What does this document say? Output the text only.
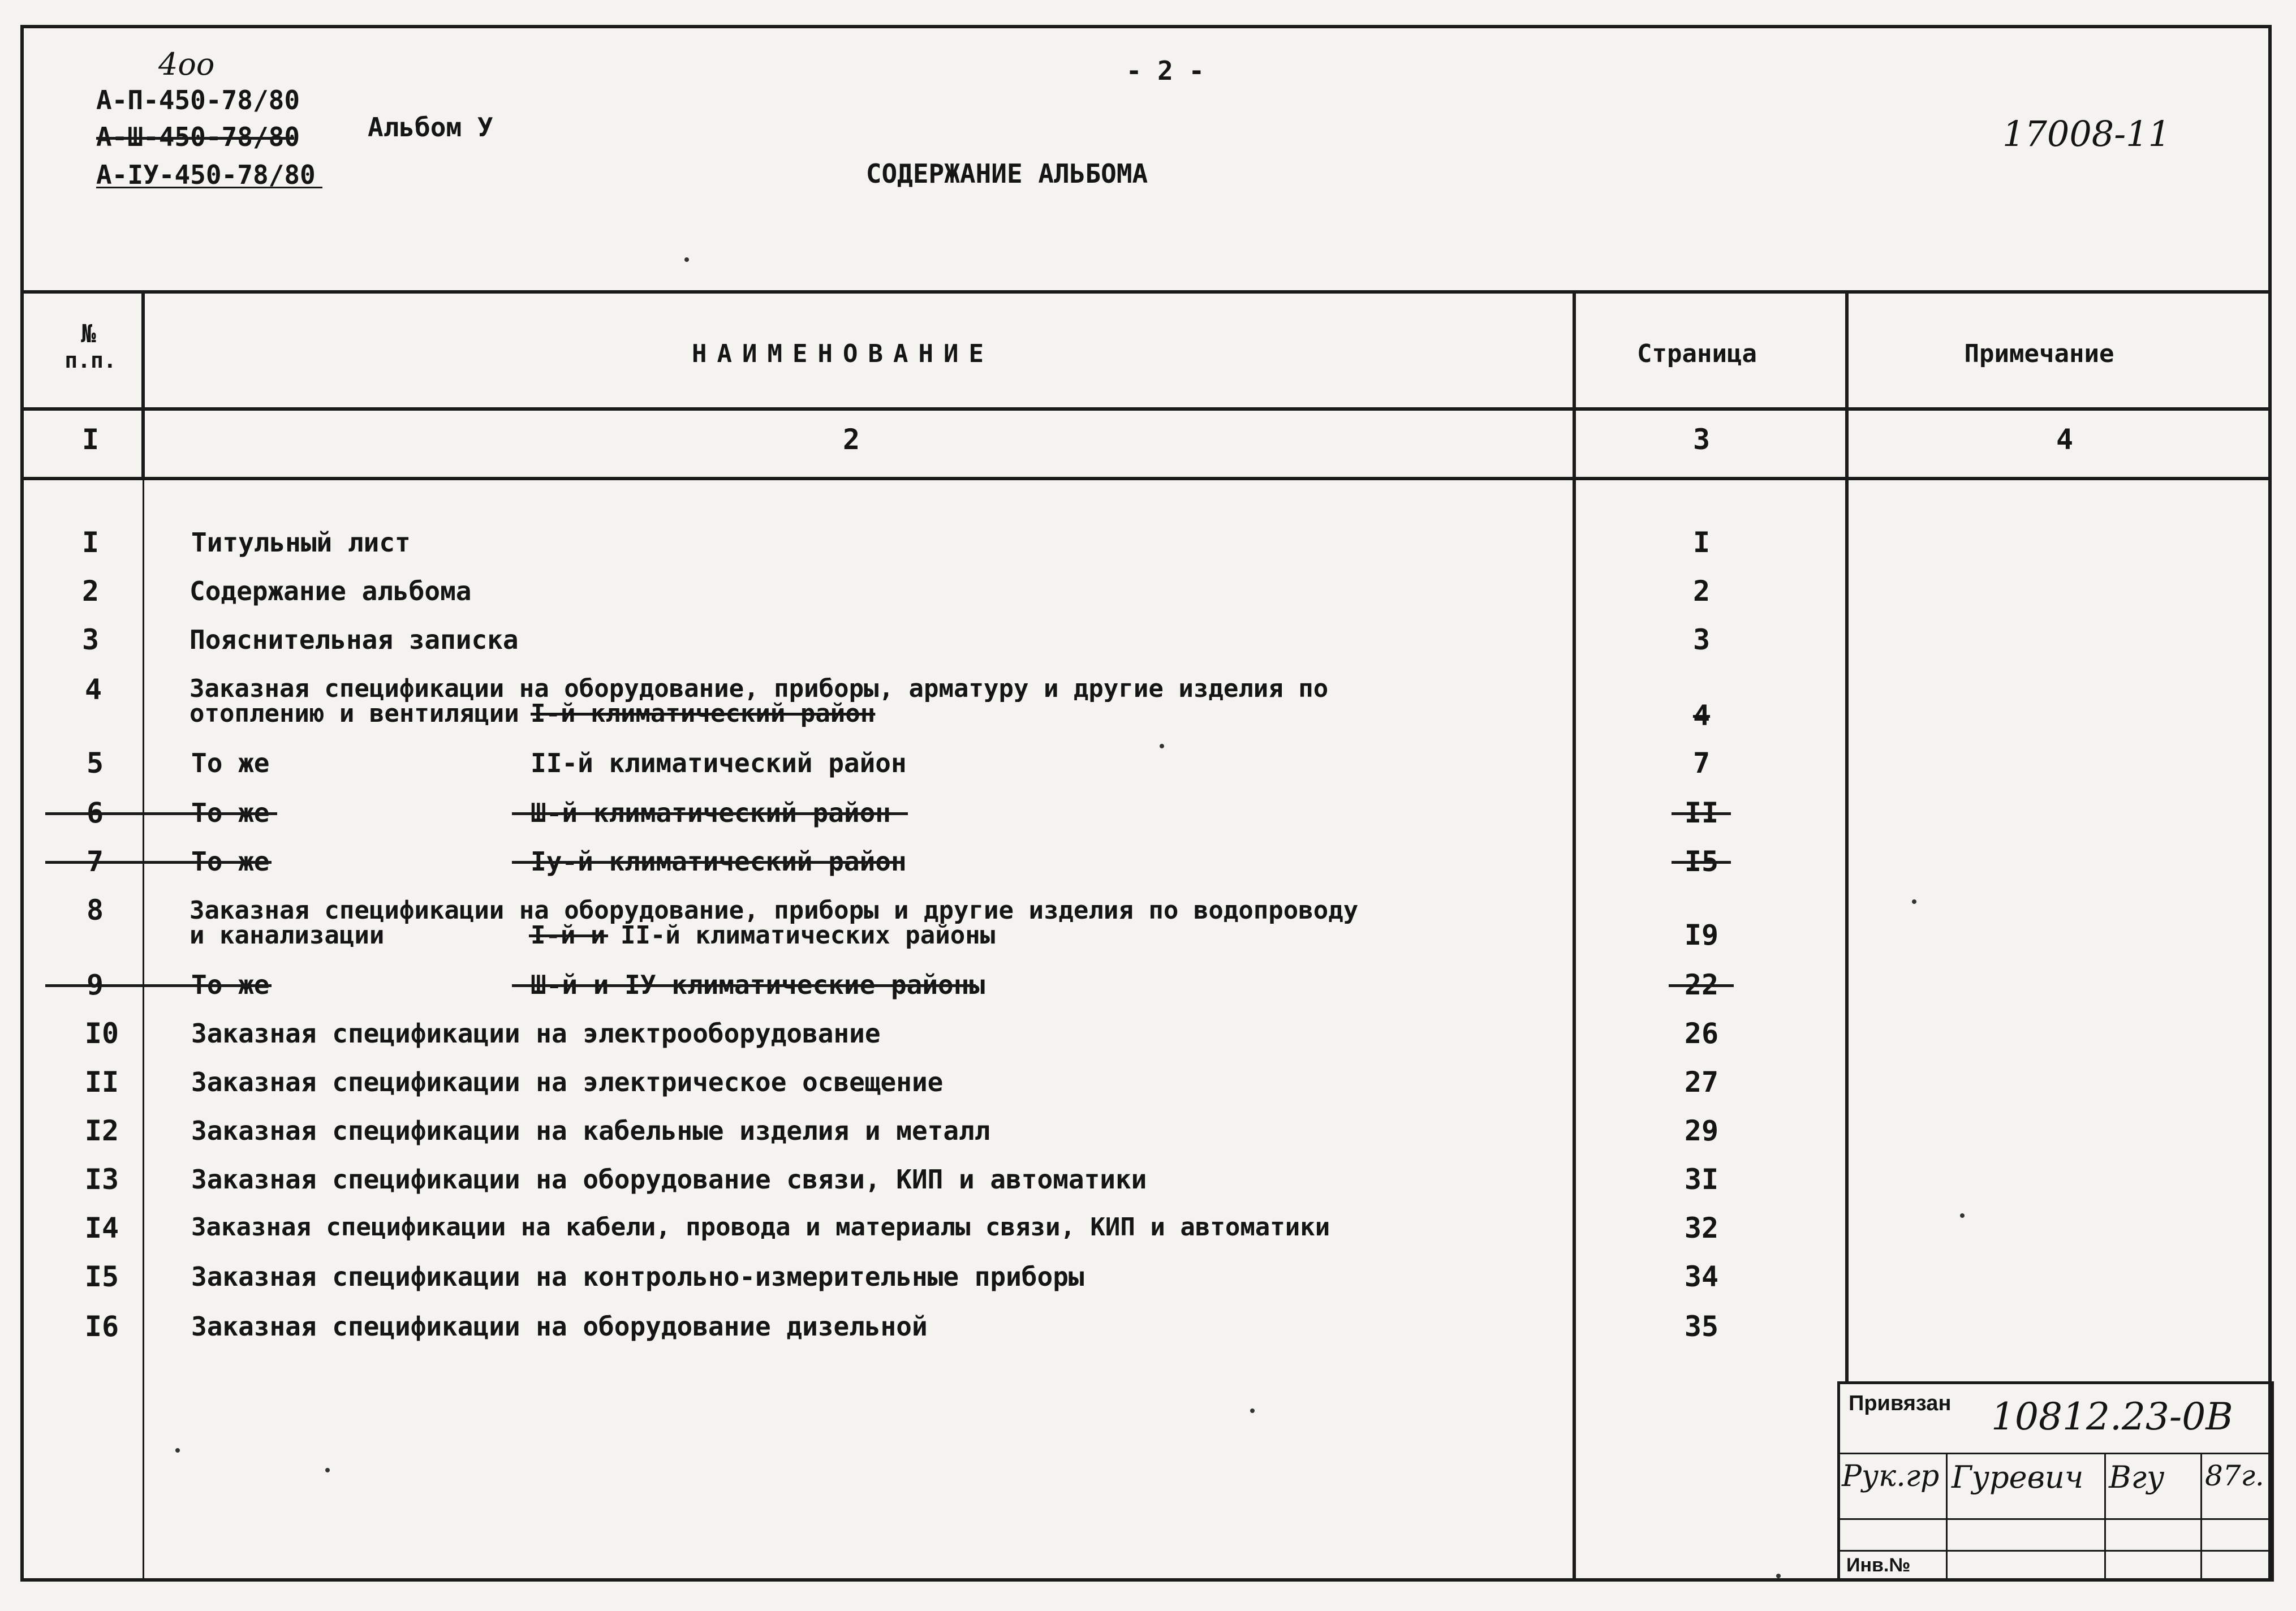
4oo
А-П-450-78/80
А-Ш-450-78/80
А-IУ-450-78/80
Альбом У
- 2 -
СОДЕРЖАНИЕ АЛЬБОМА
17008-11
№
п.п.	НАИМЕНОВАНИЕ	Страница	Примечание
I	2	3	4
I	Титульный лист	I
2	Содержание альбома	2
3	Пояснительная записка	3
4	Заказная спецификации на оборудование, приборы, арматуру и другие изделия по
отоплению и вентиляции I-й климатический район	4
5	То же	II-й климатический район	7
6	То же	Ш-й климатический район	II
7	То же	Iу-й климатический район	I5
8	Заказная спецификации на оборудование, приборы и другие изделия по водопроводу
и канализации	I-й и II-й климатических районы	I9
9	То же	Ш-й и IУ климатические районы	22
I0	Заказная спецификации на электрооборудование	26
II	Заказная спецификации на электрическое освещение	27
I2	Заказная спецификации на кабельные изделия и металл	29
I3	Заказная спецификации на оборудование связи, КИП и автоматики	3I
I4	Заказная спецификации на кабели, провода и материалы связи, КИП и автоматики	32
I5	Заказная спецификации на контрольно-измерительные приборы	34
I6	Заказная спецификации на оборудование дизельной	35
Привязан 10812.23-0В
Рук.гр Гуревич Вгу 87г.
Инв.№
